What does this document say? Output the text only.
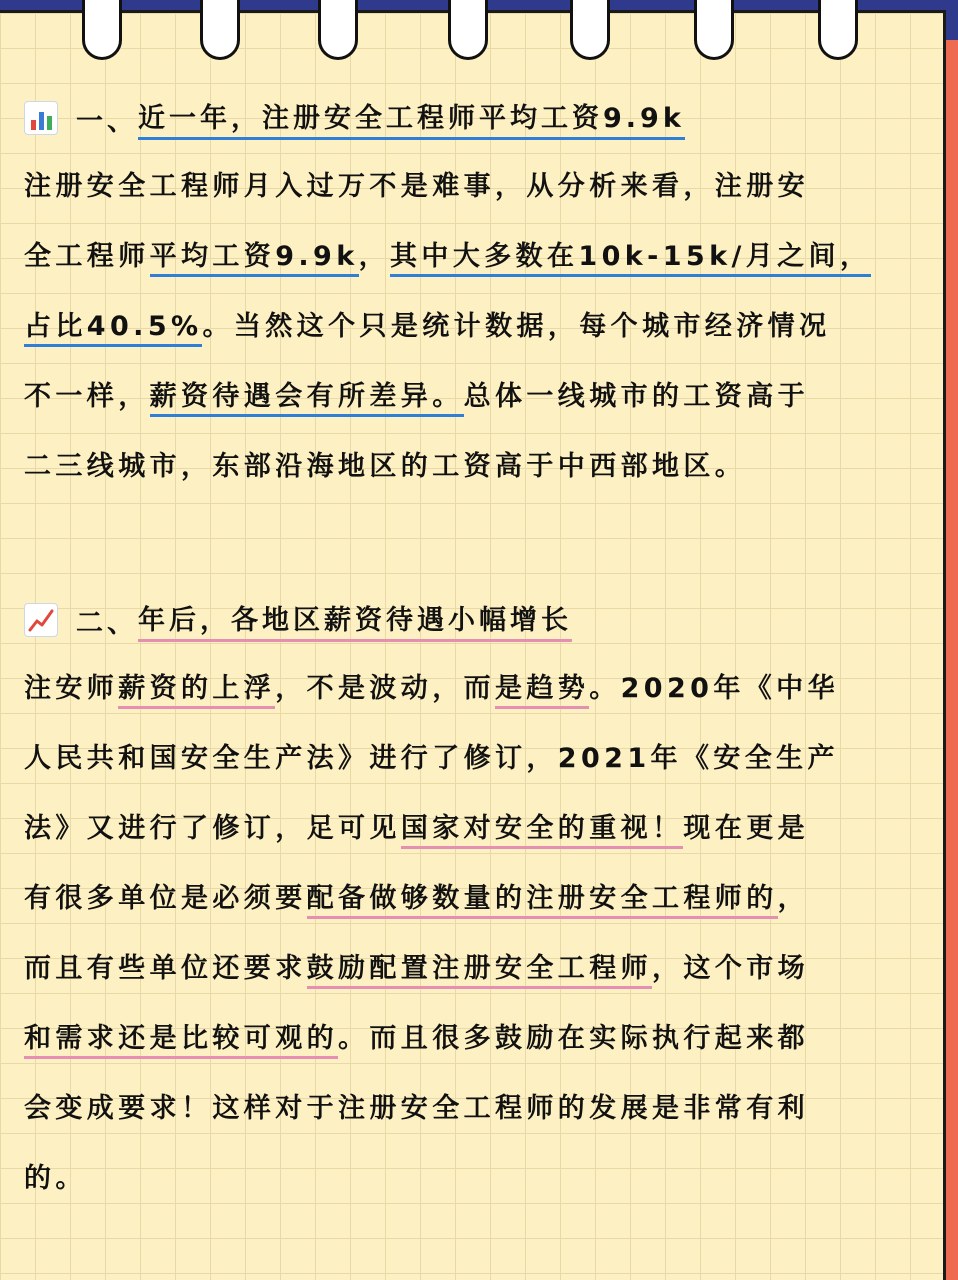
一、 近一年，注册安全工程师平均工资9.9k
注册安全工程师月入过万不是难事，从分析来看，注册安
全工程师平均工资9.9k，其中大多数在10k-15k/月之间，
占比40.5%。当然这个只是统计数据，每个城市经济情况
不一样，薪资待遇会有所差异。总体一线城市的工资高于
二三线城市，东部沿海地区的工资高于中西部地区。
二、 年后，各地区薪资待遇小幅增长
注安师薪资的上浮，不是波动，而是趋势。2020年《中华
人民共和国安全生产法》进行了修订，2021年《安全生产
法》又进行了修订，足可见国家对安全的重视！现在更是
有很多单位是必须要配备做够数量的注册安全工程师的，
而且有些单位还要求鼓励配置注册安全工程师，这个市场
和需求还是比较可观的。而且很多鼓励在实际执行起来都
会变成要求！这样对于注册安全工程师的发展是非常有利
的。
